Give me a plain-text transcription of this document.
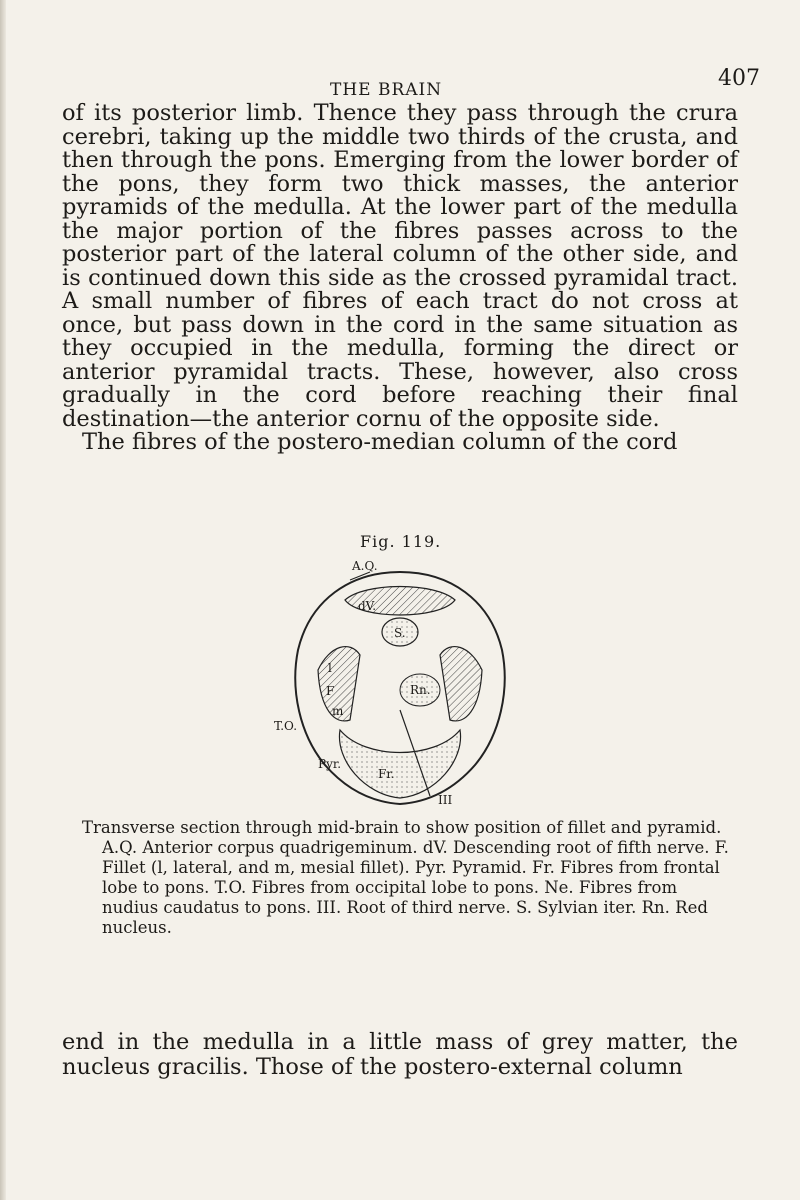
THE BRAIN	407

of its posterior limb. Thence they pass through the crura cerebri, taking up the middle two thirds of the crusta, and then through the pons. Emerging from the lower border of the pons, they form two thick masses, the anterior pyramids of the medulla. At the lower part of the medulla the major portion of the fibres passes across to the posterior part of the lateral column of the other side, and is continued down this side as the crossed pyramidal tract. A small number of fibres of each tract do not cross at once, but pass down in the cord in the same situation as they occupied in the medulla, forming the direct or anterior pyramidal tracts. These, however, also cross gradually in the cord before reaching their final destination—the anterior cornu of the opposite side.
The fibres of the postero-median column of the cord

Fig. 119.
A.Q.
dV.
S.
l
F
m
T.O.
Rn.
Pyr.
Fr.
III

Transverse section through mid-brain to show position of fillet and pyramid. A.Q. Anterior corpus quadrigeminum. dV. Descending root of fifth nerve. F. Fillet (l, lateral, and m, mesial fillet). Pyr. Pyramid. Fr. Fibres from frontal lobe to pons. T.O. Fibres from occipital lobe to pons. Ne. Fibres from nudius caudatus to pons. III. Root of third nerve. S. Sylvian iter. Rn. Red nucleus.

end in the medulla in a little mass of grey matter, the nucleus gracilis. Those of the postero-external column
